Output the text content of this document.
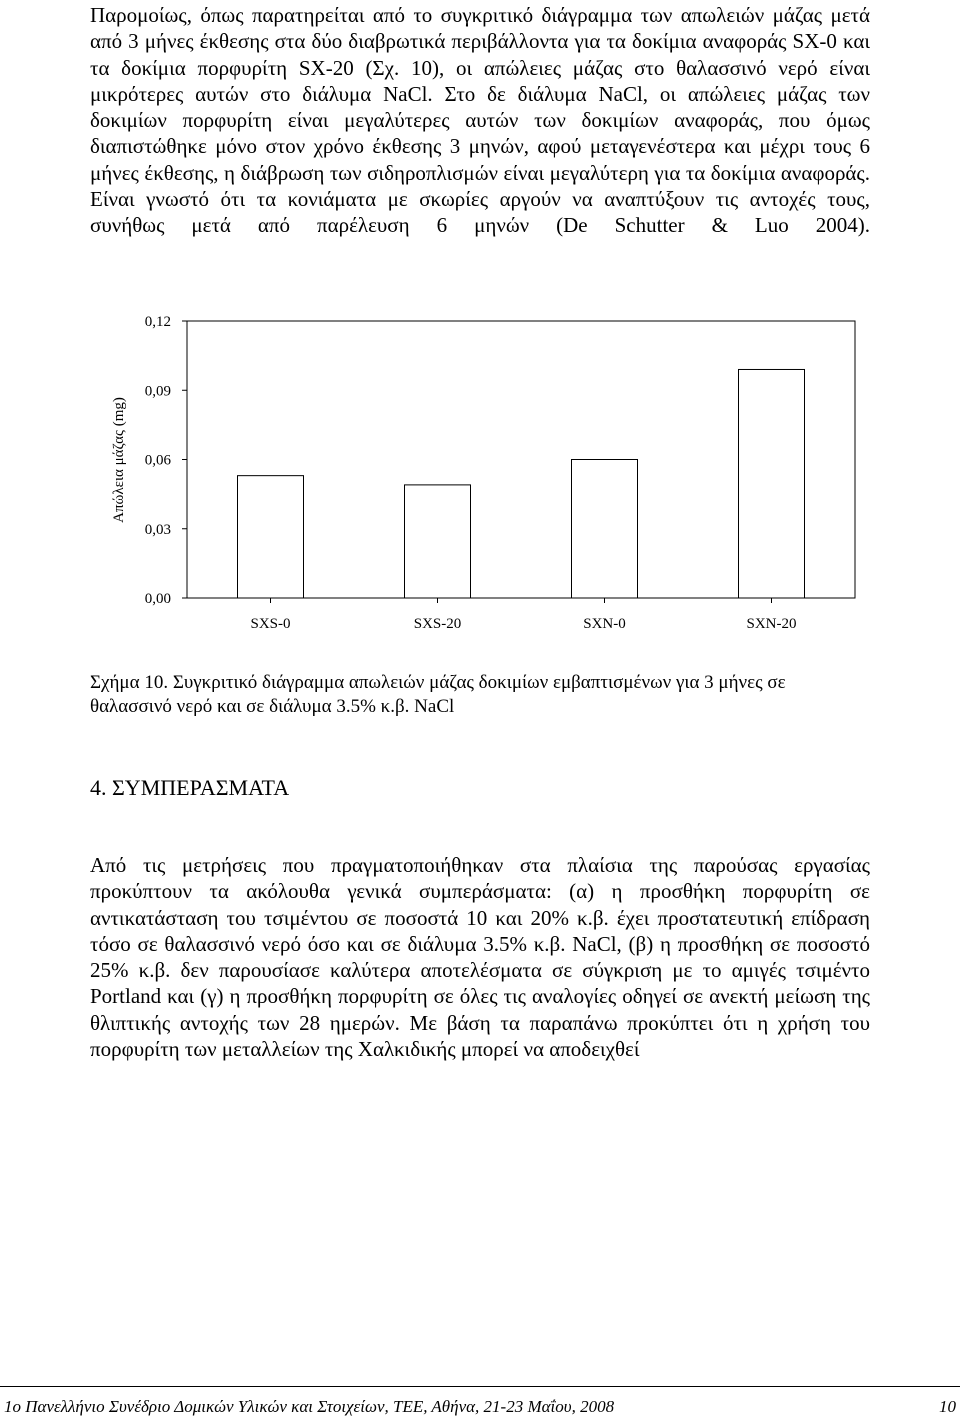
Παρομοίως, όπως παρατηρείται από το συγκριτικό διάγραμμα των απωλειών μάζας μετά από 3 μήνες έκθεσης στα δύο διαβρωτικά περιβάλλοντα για τα δοκίμια αναφοράς SX-0 και τα δοκίμια πορφυρίτη SX-20 (Σχ. 10), οι απώλειες μάζας στο θαλασσινό νερό είναι μικρότερες αυτών στο διάλυμα NaCl. Στο δε διάλυμα NaCl, οι απώλειες μάζας των δοκιμίων πορφυρίτη είναι μεγαλύτερες αυτών των δοκιμίων αναφοράς, που όμως διαπιστώθηκε μόνο στον χρόνο έκθεσης 3 μηνών, αφού μεταγενέστερα και μέχρι τους 6 μήνες έκθεσης, η διάβρωση των σιδηροπλισμών είναι μεγαλύτερη για τα δοκίμια αναφοράς. Είναι γνωστό ότι τα κονιάματα με σκωρίες αργούν να αναπτύξουν τις αντοχές τους, συνήθως μετά από παρέλευση 6 μηνών (De Schutter & Luo 2004).

0,00
0,03
0,06
0,09
0,12
Απώλεια μάζας (mg)
SXS-0	SXS-20	SXN-0	SXN-20

Σχήμα 10. Συγκριτικό διάγραμμα απωλειών μάζας δοκιμίων εμβαπτισμένων για 3 μήνες σε θαλασσινό νερό και σε διάλυμα 3.5% κ.β. NaCl

4. ΣΥΜΠΕΡΑΣΜΑΤΑ

Από τις μετρήσεις που πραγματοποιήθηκαν στα πλαίσια της παρούσας εργασίας προκύπτουν τα ακόλουθα γενικά συμπεράσματα: (α) η προσθήκη πορφυρίτη σε αντικατάσταση του τσιμέντου σε ποσοστά 10 και 20% κ.β. έχει προστατευτική επίδραση τόσο σε θαλασσινό νερό όσο και σε διάλυμα 3.5% κ.β. NaCl, (β) η προσθήκη σε ποσοστό 25% κ.β. δεν παρουσίασε καλύτερα αποτελέσματα σε σύγκριση με το αμιγές τσιμέντο Portland και (γ) η προσθήκη πορφυρίτη σε όλες τις αναλογίες οδηγεί σε ανεκτή μείωση της θλιπτικής αντοχής των 28 ημερών. Με βάση τα παραπάνω προκύπτει ότι η χρήση του πορφυρίτη των μεταλλείων της Χαλκιδικής μπορεί να αποδειχθεί

1ο Πανελλήνιο Συνέδριο Δομικών Υλικών και Στοιχείων, ΤΕΕ, Αθήνα, 21-23 Μαΐου, 2008	10
